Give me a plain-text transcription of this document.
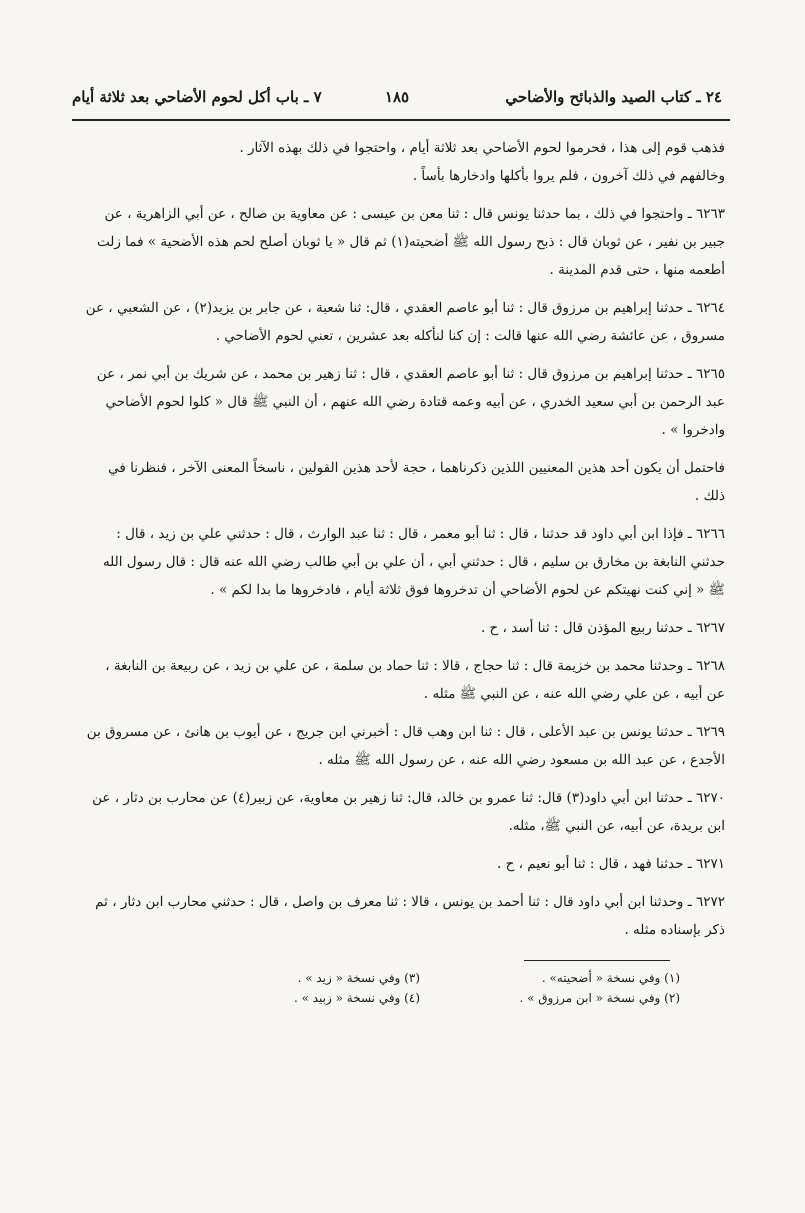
٢٤ ـ كتاب الصيد والذبائح والأضاحي
١٨٥
٧ ـ باب أكل لحوم الأضاحي بعد ثلاثة أيام

فذهب قوم إلى هذا ، فحرموا لحوم الأضاحي بعد ثلاثة أيام ، واحتجوا في ذلك بهذه الآثار .

وخالفهم في ذلك آخرون ، فلم يروا بأكلها وادخارها بأساً .

٦٢٦٣ ـ واحتجوا في ذلك ، بما حدثنا يونس قال : ثنا معن بن عيسى : عن معاوية بن صالح ، عن أبي الزاهرية ، عن جبير بن نفير ، عن ثوبان قال : ذبح رسول الله ﷺ أضحيته(١) ثم قال « يا ثوبان أصلح لحم هذه الأضحية » فما زلت أطعمه منها ، حتى قدم المدينة .

٦٢٦٤ ـ حدثنا إبراهيم بن مرزوق قال : ثنا أبو عاصم العقدي ، قال: ثنا شعبة ، عن جابر بن يزيد(٢) ، عن الشعبي ، عن مسروق ، عن عائشة رضي الله عنها قالت : إن كنا لنأكله بعد عشرين ، تعني لحوم الأضاحي .

٦٢٦٥ ـ حدثنا إبراهيم بن مرزوق قال : ثنا أبو عاصم العقدي ، قال : ثنا زهير بن محمد ، عن شريك بن أبي نمر ، عن عبد الرحمن بن أبي سعيد الخدري ، عن أبيه وعمه قتادة رضي الله عنهم ، أن النبي ﷺ قال « كلوا لحوم الأضاحي وادخروا » .

فاحتمل أن يكون أحد هذين المعنيين اللذين ذكرناهما ، حجة لأحد هذين القولين ، ناسخاً المعنى الآخر ، فنظرنا في ذلك .

٦٢٦٦ ـ فإذا ابن أبي داود قد حدثنا ، قال : ثنا أبو معمر ، قال : ثنا عبد الوارث ، قال : حدثني علي بن زيد ، قال : حدثني النابغة بن مخارق بن سليم ، قال : حدثني أبي ، أن علي بن أبي طالب رضي الله عنه قال : قال رسول الله ﷺ « إني كنت نهيتكم عن لحوم الأضاحي أن تدخروها فوق ثلاثة أيام ، فادخروها ما بدا لكم » .

٦٢٦٧ ـ حدثنا ربيع المؤذن قال : ثنا أسد ، ح .

٦٢٦٨ ـ وحدثنا محمد بن خزيمة قال : ثنا حجاج ، قالا : ثنا حماد بن سلمة ، عن علي بن زيد ، عن ربيعة بن النابغة ، عن أبيه ، عن علي رضي الله عنه ، عن النبي ﷺ مثله .

٦٢٦٩ ـ حدثنا يونس بن عبد الأعلى ، قال : ثنا ابن وهب قال : أخبرني ابن جريج ، عن أيوب بن هانئ ، عن مسروق بن الأجدع ، عن عبد الله بن مسعود رضي الله عنه ، عن رسول الله ﷺ مثله .

٦٢٧٠ ـ حدثنا ابن أبي داود(٣) قال: ثنا عمرو بن خالد، قال: ثنا زهير بن معاوية، عن زبير(٤) عن محارب بن دثار ، عن ابن بريدة، عن أبيه، عن النبي ﷺ، مثله.

٦٢٧١ ـ حدثنا فهد ، قال : ثنا أبو نعيم ، ح .

٦٢٧٢ ـ وحدثنا ابن أبي داود قال : ثنا أحمد بن يونس ، قالا : ثنا معرف بن واصل ، قال : حدثني محارب ابن دثار ، ثم ذكر بإسناده مثله .

(١) وفي نسخة « أضحيته» .
(٢) وفي نسخة « ابن مرزوق » .
(٣) وفي نسخة « زيد » .
(٤) وفي نسخة « زبيد » .
